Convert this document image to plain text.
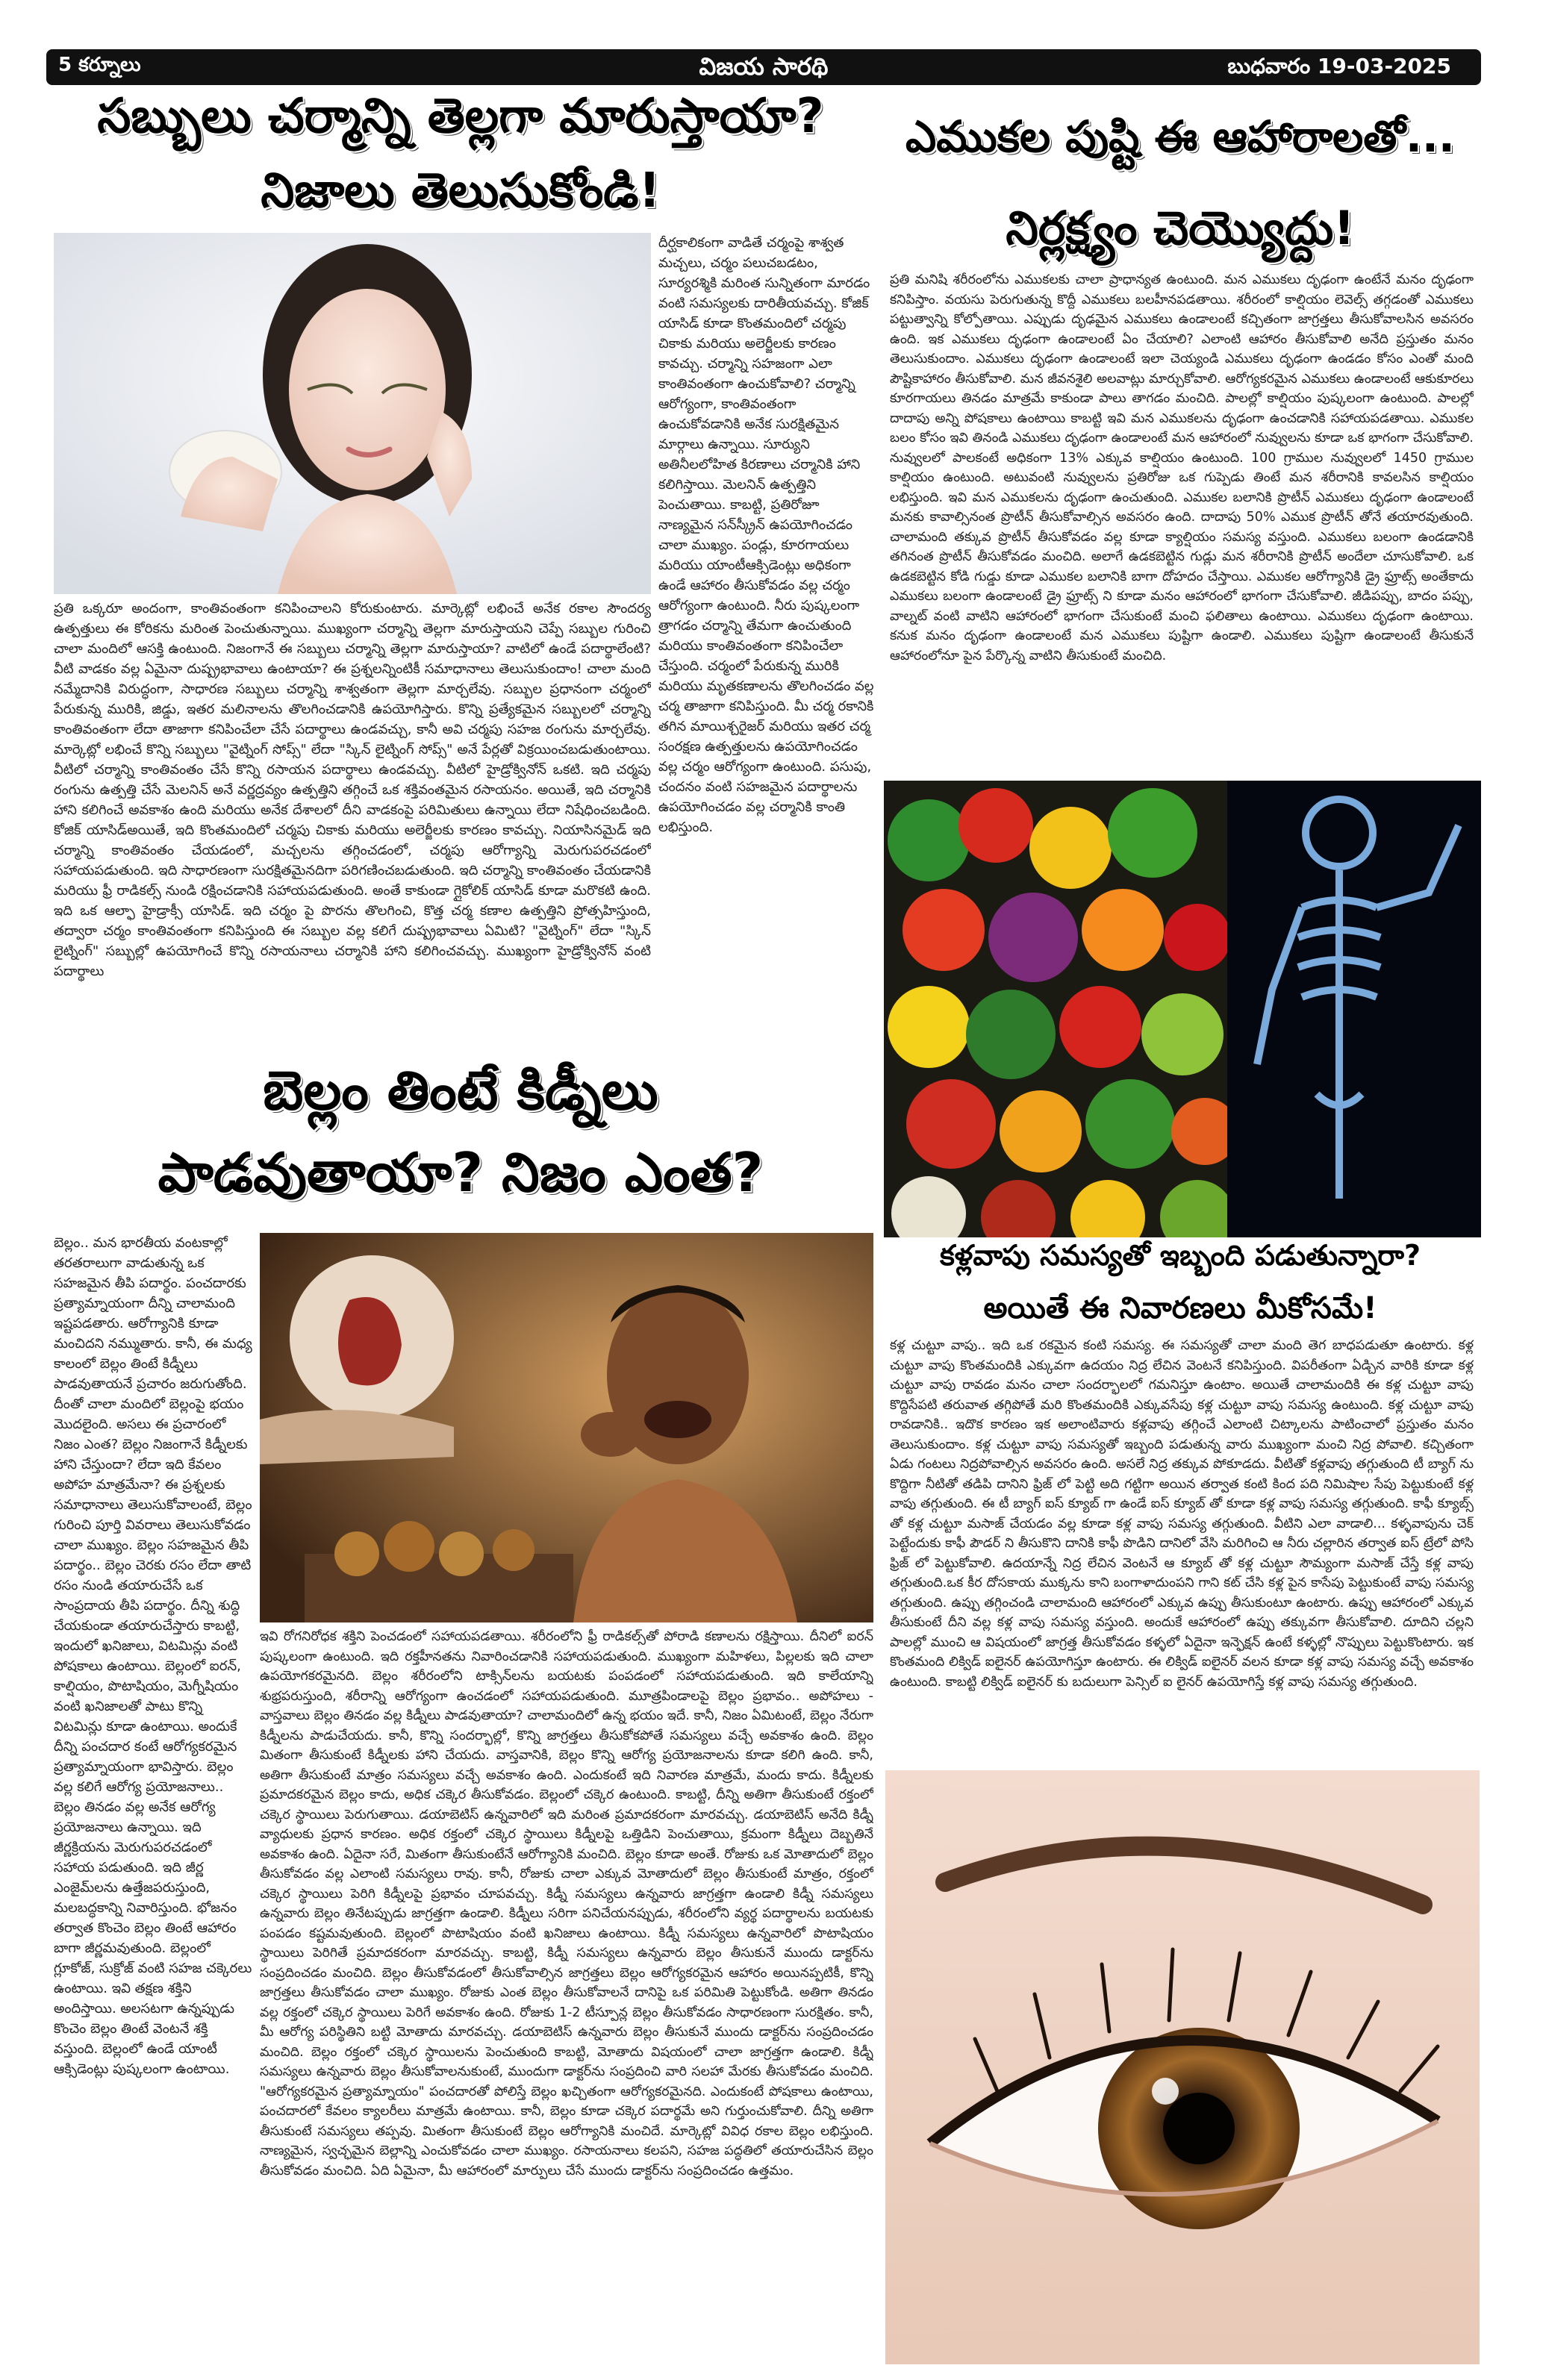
5 కర్నూలు	విజయ సారథి	బుధవారం 19-03-2025
సబ్బులు చర్మాన్ని తెల్లగా మారుస్తాయా?
నిజాలు తెలుసుకోండి!
దీర్ఘకాలికంగా వాడితే చర్మంపై శాశ్వత మచ్చలు, చర్మం పలుచబడటం, సూర్యరశ్మికి మరింత సున్నితంగా మారడం వంటి సమస్యలకు దారితీయవచ్చు. కోజిక్ యాసిడ్ కూడా కొంతమందిలో చర్మపు చికాకు మరియు అలెర్జీలకు కారణం కావచ్చు. చర్మాన్ని సహజంగా ఎలా కాంతివంతంగా ఉంచుకోవాలి? చర్మాన్ని ఆరోగ్యంగా, కాంతివంతంగా ఉంచుకోవడానికి అనేక సురక్షితమైన మార్గాలు ఉన్నాయి. సూర్యుని అతినీలలోహిత కిరణాలు చర్మానికి హాని కలిగిస్తాయి. మెలనిన్ ఉత్పత్తిని పెంచుతాయి. కాబట్టి, ప్రతిరోజూ నాణ్యమైన సన్‌స్క్రీన్ ఉపయోగించడం చాలా ముఖ్యం. పండ్లు, కూరగాయలు మరియు యాంటీఆక్సిడెంట్లు అధికంగా ఉండే ఆహారం తీసుకోవడం వల్ల చర్మం ఆరోగ్యంగా ఉంటుంది. నీరు పుష్కలంగా త్రాగడం చర్మాన్ని తేమగా ఉంచుతుంది మరియు కాంతివంతంగా కనిపించేలా చేస్తుంది. చర్మంలో పేరుకున్న మురికి మరియు మృతకణాలను తొలగించడం వల్ల చర్మ తాజాగా కనిపిస్తుంది. మీ చర్మ రకానికి తగిన మాయిశ్చరైజర్ మరియు ఇతర చర్మ సంరక్షణ ఉత్పత్తులను ఉపయోగించడం వల్ల చర్మం ఆరోగ్యంగా ఉంటుంది. పసుపు, చందనం వంటి సహజమైన పదార్థాలను ఉపయోగించడం వల్ల చర్మానికి కాంతి లభిస్తుంది.
ప్రతి ఒక్కరూ అందంగా, కాంతివంతంగా కనిపించాలని కోరుకుంటారు. మార్కెట్లో లభించే అనేక రకాల సౌందర్య ఉత్పత్తులు ఈ కోరికను మరింత పెంచుతున్నాయి. ముఖ్యంగా చర్మాన్ని తెల్లగా మారుస్తాయని చెప్పే సబ్బుల గురించి చాలా మందిలో ఆసక్తి ఉంటుంది. నిజంగానే ఈ సబ్బులు చర్మాన్ని తెల్లగా మారుస్తాయా? వాటిలో ఉండే పదార్థాలేంటి? వీటి వాడకం వల్ల ఏమైనా దుష్ప్రభావాలు ఉంటాయా? ఈ ప్రశ్నలన్నింటికీ సమాధానాలు తెలుసుకుందాం! చాలా మంది నమ్మేదానికి విరుద్ధంగా, సాధారణ సబ్బులు చర్మాన్ని శాశ్వతంగా తెల్లగా మార్చలేవు. సబ్బుల ప్రధానంగా చర్మంలో పేరుకున్న మురికి, జిడ్డు, ఇతర మలినాలను తొలగించడానికి ఉపయోగిస్తారు. కొన్ని ప్రత్యేకమైన సబ్బులలో చర్మాన్ని కాంతివంతంగా లేదా తాజాగా కనిపించేలా చేసే పదార్థాలు ఉండవచ్చు, కానీ అవి చర్మపు సహజ రంగును మార్చలేవు. మార్కెట్లో లభించే కొన్ని సబ్బులు "వైట్నింగ్ సోప్స్" లేదా "స్కిన్ లైట్నింగ్ సోప్స్" అనే పేర్లతో విక్రయించబడుతుంటాయి. వీటిలో చర్మాన్ని కాంతివంతం చేసే కొన్ని రసాయన పదార్థాలు ఉండవచ్చు. వీటిలో హైడ్రోక్వినోన్ ఒకటి. ఇది చర్మపు రంగును ఉత్పత్తి చేసే మెలనిన్ అనే వర్ణద్రవ్యం ఉత్పత్తిని తగ్గించే ఒక శక్తివంతమైన రసాయనం. అయితే, ఇది చర్మానికి హాని కలిగించే అవకాశం ఉంది మరియు అనేక దేశాలలో దీని వాడకంపై పరిమితులు ఉన్నాయి లేదా నిషేధించబడింది. కోజిక్ యాసిడ్‌అయితే, ఇది కొంతమందిలో చర్మపు చికాకు మరియు అలెర్జీలకు కారణం కావచ్చు. నియాసినమైడ్ ఇది చర్మాన్ని కాంతివంతం చేయడంలో, మచ్చలను తగ్గించడంలో, చర్మపు ఆరోగ్యాన్ని మెరుగుపరచడంలో సహాయపడుతుంది. ఇది సాధారణంగా సురక్షితమైనదిగా పరిగణించబడుతుంది. ఇది చర్మాన్ని కాంతివంతం చేయడానికి మరియు ఫ్రీ రాడికల్స్ నుండి రక్షించడానికి సహాయపడుతుంది. అంతే కాకుండా గ్లైకోలిక్ యాసిడ్ కూడా మరొకటి ఉంది. ఇది ఒక ఆల్ఫా హైడ్రాక్సీ యాసిడ్. ఇది చర్మం పై పొరను తొలగించి, కొత్త చర్మ కణాల ఉత్పత్తిని ప్రోత్సహిస్తుంది, తద్వారా చర్మం కాంతివంతంగా కనిపిస్తుంది ఈ సబ్బుల వల్ల కలిగే దుష్ప్రభావాలు ఏమిటి? "వైట్నింగ్" లేదా "స్కిన్ లైట్నింగ్" సబ్బుల్లో ఉపయోగించే కొన్ని రసాయనాలు చర్మానికి హాని కలిగించవచ్చు. ముఖ్యంగా హైడ్రోక్వినోన్ వంటి పదార్థాలు
ఎముకల పుష్టి ఈ ఆహారాలతో...
నిర్లక్ష్యం చెయ్యొద్దు!
ప్రతి మనిషి శరీరంలోను ఎముకలకు చాలా ప్రాధాన్యత ఉంటుంది. మన ఎముకలు దృఢంగా ఉంటేనే మనం దృఢంగా కనిపిస్తాం. వయసు పెరుగుతున్న కొద్దీ ఎముకలు బలహీనపడతాయి. శరీరంలో కాల్షియం లెవెల్స్ తగ్గడంతో ఎముకలు పట్టుత్వాన్ని కోల్పోతాయి. ఎప్పుడు దృఢమైన ఎముకలు ఉండాలంటే కచ్చితంగా జాగ్రత్తలు తీసుకోవాలసిన అవసరం ఉంది. ఇక ఎముకలు దృఢంగా ఉండాలంటే ఏం చేయాలి? ఎలాంటి ఆహారం తీసుకోవాలి అనేది ప్రస్తుతం మనం తెలుసుకుందాం. ఎముకలు దృఢంగా ఉండాలంటే ఇలా చెయ్యండి ఎముకలు దృఢంగా ఉండడం కోసం ఎంతో మంది పౌష్టికాహారం తీసుకోవాలి. మన జీవనశైలి అలవాట్లు మార్చుకోవాలి. ఆరోగ్యకరమైన ఎముకలు ఉండాలంటే ఆకుకూరలు కూరగాయలు తినడం మాత్రమే కాకుండా పాలు తాగడం మంచిది. పాలల్లో కాల్షియం పుష్కలంగా ఉంటుంది. పాలల్లో దాదాపు అన్ని పోషకాలు ఉంటాయి కాబట్టి ఇవి మన ఎముకలను దృఢంగా ఉంచడానికి సహాయపడతాయి. ఎముకల బలం కోసం ఇవి తినండి ఎముకలు దృఢంగా ఉండాలంటే మన ఆహారంలో నువ్వులను కూడా ఒక భాగంగా చేసుకోవాలి. నువ్వులలో పాలకంటే అధికంగా 13% ఎక్కువ కాల్షియం ఉంటుంది. 100 గ్రాముల నువ్వులలో 1450 గ్రాముల కాల్షియం ఉంటుంది. అటువంటి నువ్వులను ప్రతిరోజు ఒక గుప్పెడు తింటే మన శరీరానికి కావలసిన కాల్షియం లభిస్తుంది. ఇవి మన ఎముకలను దృఢంగా ఉంచుతుంది. ఎముకల బలానికి ప్రొటీన్ ఎముకలు దృఢంగా ఉండాలంటే మనకు కావాల్సినంత ప్రొటీన్ తీసుకోవాల్సిన అవసరం ఉంది. దాదాపు 50% ఎముక ప్రొటీన్ తోనే తయారవుతుంది. చాలామంది తక్కువ ప్రొటీన్ తీసుకోవడం వల్ల కూడా క్యాల్షియం సమస్య వస్తుంది. ఎముకలు బలంగా ఉండడానికి తగినంత ప్రొటీన్ తీసుకోవడం మంచిది. అలాగే ఉడకబెట్టిన గుడ్లు మన శరీరానికి ప్రొటీన్ అందేలా చూసుకోవాలి. ఒక ఉడకబెట్టిన కోడి గుడ్డు కూడా ఎముకల బలానికి బాగా దోహదం చేస్తాయి. ఎముకల ఆరోగ్యానికి డ్రై ఫ్రూట్స్ అంతేకాదు ఎముకలు బలంగా ఉండాలంటే డ్రై ఫ్రూట్స్ ని కూడా మనం ఆహారంలో భాగంగా చేసుకోవాలి. జీడిపప్పు, బాదం పప్పు, వాల్నట్ వంటి వాటిని ఆహారంలో భాగంగా చేసుకుంటే మంచి ఫలితాలు ఉంటాయి. ఎముకలు దృఢంగా ఉంటాయి. కనుక మనం దృఢంగా ఉండాలంటే మన ఎముకలు పుష్టిగా ఉండాలి. ఎముకలు పుష్టిగా ఉండాలంటే తీసుకునే ఆహారంలోనూ పైన పేర్కొన్న వాటిని తీసుకుంటే మంచిది.
బెల్లం తింటే కిడ్నీలు
పాడవుతాయా? నిజం ఎంత?
బెల్లం.. మన భారతీయ వంటకాల్లో తరతరాలుగా వాడుతున్న ఒక సహజమైన తీపి పదార్థం. పంచదారకు ప్రత్యామ్నాయంగా దీన్ని చాలామంది ఇష్టపడతారు. ఆరోగ్యానికి కూడా మంచిదని నమ్ముతారు. కానీ, ఈ మధ్య కాలంలో బెల్లం తింటే కిడ్నీలు పాడవుతాయనే ప్రచారం జరుగుతోంది. దీంతో చాలా మందిలో బెల్లంపై భయం మొదలైంది. అసలు ఈ ప్రచారంలో నిజం ఎంత? బెల్లం నిజంగానే కిడ్నీలకు హాని చేస్తుందా? లేదా ఇది కేవలం అపోహ మాత్రమేనా? ఈ ప్రశ్నలకు సమాధానాలు తెలుసుకోవాలంటే, బెల్లం గురించి పూర్తి వివరాలు తెలుసుకోవడం చాలా ముఖ్యం. బెల్లం సహజమైన తీపి పదార్థం.. బెల్లం చెరకు రసం లేదా తాటి రసం నుండి తయారుచేసే ఒక సాంప్రదాయ తీపి పదార్థం. దీన్ని శుద్ధి చేయకుండా తయారుచేస్తారు కాబట్టి, ఇందులో ఖనిజాలు, విటమిన్లు వంటి పోషకాలు ఉంటాయి. బెల్లంలో ఐరన్, కాల్షియం, పొటాషియం, మెగ్నీషియం వంటి ఖనిజాలతో పాటు కొన్ని విటమిన్లు కూడా ఉంటాయి. అందుకే దీన్ని పంచదార కంటే ఆరోగ్యకరమైన ప్రత్యామ్నాయంగా భావిస్తారు. బెల్లం వల్ల కలిగే ఆరోగ్య ప్రయోజనాలు.. బెల్లం తినడం వల్ల అనేక ఆరోగ్య ప్రయోజనాలు ఉన్నాయి. ఇది జీర్ణక్రియను మెరుగుపరచడంలో సహాయ పడుతుంది. ఇది జీర్ణ ఎంజైమ్‌లను ఉత్తేజపరుస్తుంది, మలబద్ధకాన్ని నివారిస్తుంది. భోజనం తర్వాత కొంచెం బెల్లం తింటే ఆహారం బాగా జీర్ణమవుతుంది. బెల్లంలో గ్లూకోజ్, సుక్రోజ్ వంటి సహజ చక్కెరలు ఉంటాయి. ఇవి తక్షణ శక్తిని అందిస్తాయి. అలసటగా ఉన్నప్పుడు కొంచెం బెల్లం తింటే వెంటనే శక్తి వస్తుంది. బెల్లంలో ఉండే యాంటీ ఆక్సిడెంట్లు పుష్కలంగా ఉంటాయి.
ఇవి రోగనిరోధక శక్తిని పెంచడంలో సహాయపడతాయి. శరీరంలోని ఫ్రీ రాడికల్స్‌తో పోరాడి కణాలను రక్షిస్తాయి. దీనిలో ఐరన్ పుష్కలంగా ఉంటుంది. ఇది రక్తహీనతను నివారించడానికి సహాయపడుతుంది. ముఖ్యంగా మహిళలు, పిల్లలకు ఇది చాలా ఉపయోగకరమైనది. బెల్లం శరీరంలోని టాక్సిన్‌లను బయటకు పంపడంలో సహాయపడుతుంది. ఇది కాలేయాన్ని శుభ్రపరుస్తుంది, శరీరాన్ని ఆరోగ్యంగా ఉంచడంలో సహాయపడుతుంది. మూత్రపిండాలపై బెల్లం ప్రభావం.. అపోహలు - వాస్తవాలు బెల్లం తినడం వల్ల కిడ్నీలు పాడవుతాయా? చాలామందిలో ఉన్న భయం ఇదే. కానీ, నిజం ఏమిటంటే, బెల్లం నేరుగా కిడ్నీలను పాడుచేయదు. కానీ, కొన్ని సందర్భాల్లో, కొన్ని జాగ్రత్తలు తీసుకోకపోతే సమస్యలు వచ్చే అవకాశం ఉంది. బెల్లం మితంగా తీసుకుంటే కిడ్నీలకు హాని చేయదు. వాస్తవానికి, బెల్లం కొన్ని ఆరోగ్య ప్రయోజనాలను కూడా కలిగి ఉంది. కానీ, అతిగా తీసుకుంటే మాత్రం సమస్యలు వచ్చే అవకాశం ఉంది. ఎందుకంటే ఇది నివారణ మాత్రమే, మందు కాదు. కిడ్నీలకు ప్రమాదకరమైన బెల్లం కాదు, అధిక చక్కెర తీసుకోవడం. బెల్లంలో చక్కెర ఉంటుంది. కాబట్టి, దీన్ని అతిగా తీసుకుంటే రక్తంలో చక్కెర స్థాయిలు పెరుగుతాయి. డయాబెటిస్ ఉన్నవారిలో ఇది మరింత ప్రమాదకరంగా మారవచ్చు. డయాబెటిస్ అనేది కిడ్నీ వ్యాధులకు ప్రధాన కారణం. అధిక రక్తంలో చక్కెర స్థాయిలు కిడ్నీలపై ఒత్తిడిని పెంచుతాయి, క్రమంగా కిడ్నీలు దెబ్బతినే అవకాశం ఉంది. ఏదైనా సరే, మితంగా తీసుకుంటేనే ఆరోగ్యానికి మంచిది. బెల్లం కూడా అంతే. రోజుకు ఒక మోతాదులో బెల్లం తీసుకోవడం వల్ల ఎలాంటి సమస్యలు రావు. కానీ, రోజుకు చాలా ఎక్కువ మోతాదులో బెల్లం తీసుకుంటే మాత్రం, రక్తంలో చక్కెర స్థాయిలు పెరిగి కిడ్నీలపై ప్రభావం చూపవచ్చు. కిడ్నీ సమస్యలు ఉన్నవారు జాగ్రత్తగా ఉండాలి కిడ్నీ సమస్యలు ఉన్నవారు బెల్లం తినేటప్పుడు జాగ్రత్తగా ఉండాలి. కిడ్నీలు సరిగా పనిచేయనప్పుడు, శరీరంలోని వ్యర్థ పదార్థాలను బయటకు పంపడం కష్టమవుతుంది. బెల్లంలో పొటాషియం వంటి ఖనిజాలు ఉంటాయి. కిడ్నీ సమస్యలు ఉన్నవారిలో పొటాషియం స్థాయిలు పెరిగితే ప్రమాదకరంగా మారవచ్చు. కాబట్టి, కిడ్నీ సమస్యలు ఉన్నవారు బెల్లం తీసుకునే ముందు డాక్టర్‌ను సంప్రదించడం మంచిది. బెల్లం తీసుకోవడంలో తీసుకోవాల్సిన జాగ్రత్తలు బెల్లం ఆరోగ్యకరమైన ఆహారం అయినప్పటికీ, కొన్ని జాగ్రత్తలు తీసుకోవడం చాలా ముఖ్యం. రోజుకు ఎంత బెల్లం తీసుకోవాలనే దానిపై ఒక పరిమితి పెట్టుకోండి. అతిగా తినడం వల్ల రక్తంలో చక్కెర స్థాయిలు పెరిగే అవకాశం ఉంది. రోజుకు 1-2 టీస్పూన్ల బెల్లం తీసుకోవడం సాధారణంగా సురక్షితం. కానీ, మీ ఆరోగ్య పరిస్థితిని బట్టి మోతాదు మారవచ్చు. డయాబెటిస్ ఉన్నవారు బెల్లం తీసుకునే ముందు డాక్టర్‌ను సంప్రదించడం మంచిది. బెల్లం రక్తంలో చక్కెర స్థాయిలను పెంచుతుంది కాబట్టి, మోతాదు విషయంలో చాలా జాగ్రత్తగా ఉండాలి. కిడ్నీ సమస్యలు ఉన్నవారు బెల్లం తీసుకోవాలనుకుంటే, ముందుగా డాక్టర్‌ను సంప్రదించి వారి సలహా మేరకు తీసుకోవడం మంచిది. "ఆరోగ్యకరమైన ప్రత్యామ్నాయం" పంచదారతో పోలిస్తే బెల్లం ఖచ్చితంగా ఆరోగ్యకరమైనది. ఎందుకంటే పోషకాలు ఉంటాయి, పంచదారలో కేవలం క్యాలరీలు మాత్రమే ఉంటాయి. కానీ, బెల్లం కూడా చక్కెర పదార్థమే అని గుర్తుంచుకోవాలి. దీన్ని అతిగా తీసుకుంటే సమస్యలు తప్పవు. మితంగా తీసుకుంటే బెల్లం ఆరోగ్యానికి మంచిదే. మార్కెట్లో వివిధ రకాల బెల్లం లభిస్తుంది. నాణ్యమైన, స్వచ్ఛమైన బెల్లాన్ని ఎంచుకోవడం చాలా ముఖ్యం. రసాయనాలు కలపని, సహజ పద్ధతిలో తయారుచేసిన బెల్లం తీసుకోవడం మంచిది. ఏది ఏమైనా, మీ ఆహారంలో మార్పులు చేసే ముందు డాక్టర్‌ను సంప్రదించడం ఉత్తమం.
కళ్లవాపు సమస్యతో ఇబ్బంది పడుతున్నారా?
అయితే ఈ నివారణలు మీకోసమే!
కళ్ల చుట్టూ వాపు.. ఇది ఒక రకమైన కంటి సమస్య. ఈ సమస్యతో చాలా మంది తెగ బాధపడుతూ ఉంటారు. కళ్ల చుట్టూ వాపు కొంతమందికి ఎక్కువగా ఉదయం నిద్ర లేచిన వెంటనే కనిపిస్తుంది. విపరీతంగా ఏడ్చిన వారికి కూడా కళ్ల చుట్టూ వాపు రావడం మనం చాలా సందర్భాలలో గమనిస్తూ ఉంటాం. అయితే చాలామందికి ఈ కళ్ల చుట్టూ వాపు కొద్దిసేపటి తరువాత తగ్గిపోతే మరి కొంతమందికి ఎక్కువసేపు కళ్ల చుట్టూ వాపు సమస్య ఉంటుంది. కళ్ల చుట్టూ వాపు రావడానికి.. ఇదొక కారణం ఇక అలాంటివారు కళ్లవాపు తగ్గించే ఎలాంటి చిట్కాలను పాటించాలో ప్రస్తుతం మనం తెలుసుకుందాం. కళ్ల చుట్టూ వాపు సమస్యతో ఇబ్బంది పడుతున్న వారు ముఖ్యంగా మంచి నిద్ర పోవాలి. కచ్చితంగా ఏడు గంటలు నిద్రపోవాల్సిన అవసరం ఉంది. అసలే నిద్ర తక్కువ పోకూడదు. వీటితో కళ్లవాపు తగ్గుతుంది టీ బ్యాగ్ ను కొద్దిగా నీటితో తడిపి దానిని ఫ్రిజ్ లో పెట్టి అది గట్టిగా అయిన తర్వాత కంటి కింద పది నిమిషాల సేపు పెట్టుకుంటే కళ్ల వాపు తగ్గుతుంది. ఈ టీ బ్యాగ్ ఐస్ క్యూబ్ గా ఉండే ఐస్ క్యూబ్ తో కూడా కళ్ల వాపు సమస్య తగ్గుతుంది. కాఫీ క్యూబ్స్ తో కళ్ల చుట్టూ మసాజ్ చేయడం వల్ల కూడా కళ్ల వాపు సమస్య తగ్గుతుంది. వీటిని ఎలా వాడాలి... కళ్ళవాపును చెక్ పెట్టేందుకు కాఫీ పౌడర్ ని తీసుకొని దానికి కాఫీ పొడిని దానిలో వేసి మరిగించి ఆ నీరు చల్లారిన తర్వాత ఐస్ ట్రేలో పోసి ఫ్రిజ్ లో పెట్టుకోవాలి. ఉదయాన్నే నిద్ర లేచిన వెంటనే ఆ క్యూబ్ తో కళ్ల చుట్టూ సౌమ్యంగా మసాజ్ చేస్తే కళ్ల వాపు తగ్గుతుంది.ఒక కీర దోసకాయ ముక్కను కాని బంగాళాదుంపని గాని కట్ చేసి కళ్ల పైన కాసేపు పెట్టుకుంటే వాపు సమస్య తగ్గుతుంది. ఉప్పు తగ్గించండి చాలామంది ఆహారంలో ఎక్కువ ఉప్పు తీసుకుంటూ ఉంటారు. ఉప్పు ఆహారంలో ఎక్కువ తీసుకుంటే దీని వల్ల కళ్ల వాపు సమస్య వస్తుంది. అందుకే ఆహారంలో ఉప్పు తక్కువగా తీసుకోవాలి. దూదిని చల్లని పాలల్లో ముంచి ఆ విషయంలో జాగ్రత్త తీసుకోవడం కళ్ళలో ఏదైనా ఇన్ఫెక్షన్ ఉంటే కళ్ళల్లో నొప్పులు పెట్టుకొంటారు. ఇక కొంతమంది లిక్విడ్ ఐలైనర్ ఉపయోగిస్తూ ఉంటారు. ఈ లిక్విడ్ ఐలైనర్ వలన కూడా కళ్ల వాపు సమస్య వచ్చే అవకాశం ఉంటుంది. కాబట్టి లిక్విడ్ ఐలైనర్ కు బదులుగా పెన్సిల్ ఐ లైనర్ ఉపయోగిస్తే కళ్ల వాపు సమస్య తగ్గుతుంది.
